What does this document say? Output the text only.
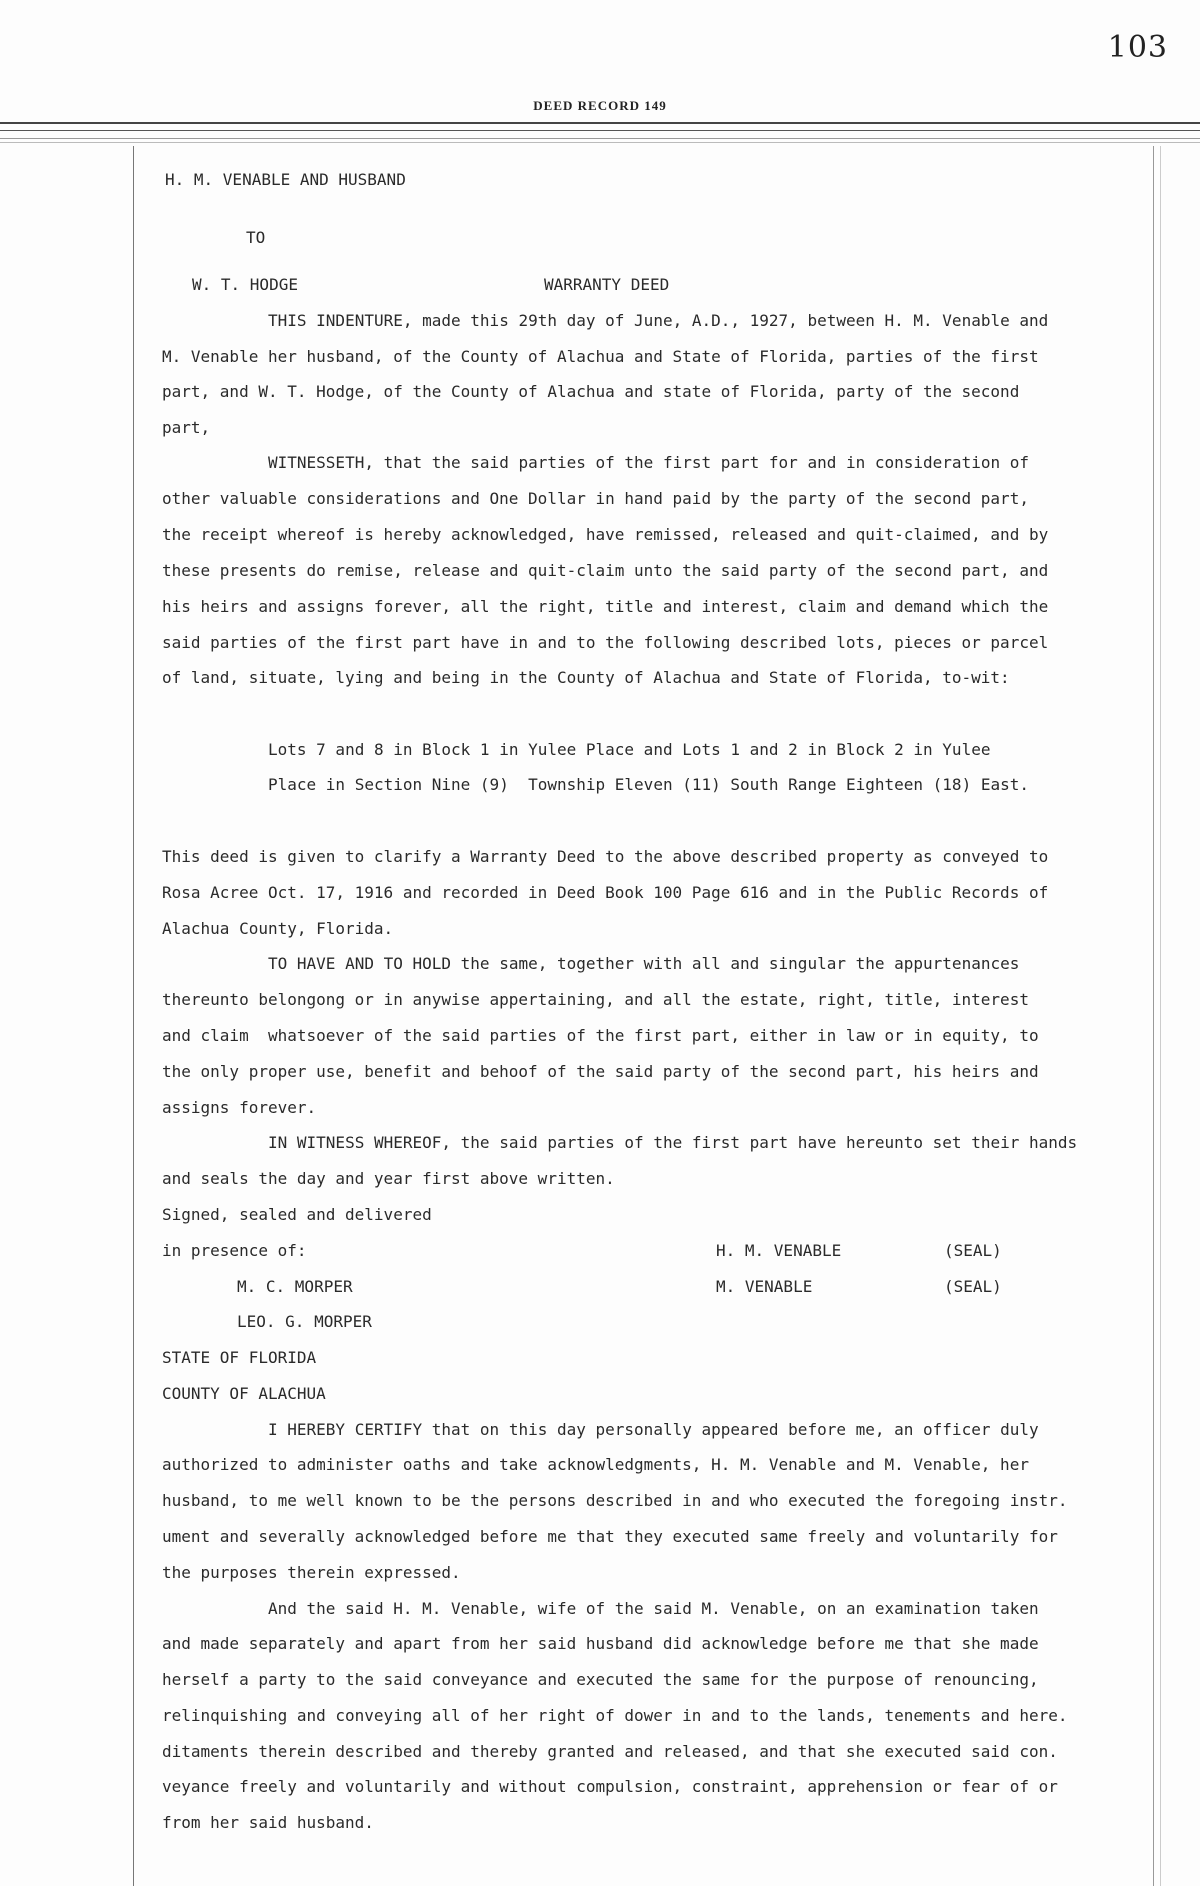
103
DEED RECORD 149
H. M. VENABLE AND HUSBAND
TO
W. T. HODGE	WARRANTY DEED
THIS INDENTURE, made this 29th day of June, A.D., 1927, between H. M. Venable and
M. Venable her husband, of the County of Alachua and State of Florida, parties of the first
part, and W. T. Hodge, of the County of Alachua and state of Florida, party of the second
part,
WITNESSETH, that the said parties of the first part for and in consideration of
other valuable considerations and One Dollar in hand paid by the party of the second part,
the receipt whereof is hereby acknowledged, have remissed, released and quit-claimed, and by
these presents do remise, release and quit-claim unto the said party of the second part, and
his heirs and assigns forever, all the right, title and interest, claim and demand which the
said parties of the first part have in and to the following described lots, pieces or parcel
of land, situate, lying and being in the County of Alachua and State of Florida, to-wit:
Lots 7 and 8 in Block 1 in Yulee Place and Lots 1 and 2 in Block 2 in Yulee
Place in Section Nine (9)  Township Eleven (11) South Range Eighteen (18) East.
This deed is given to clarify a Warranty Deed to the above described property as conveyed to
Rosa Acree Oct. 17, 1916 and recorded in Deed Book 100 Page 616 and in the Public Records of
Alachua County, Florida.
TO HAVE AND TO HOLD the same, together with all and singular the appurtenances
thereunto belongong or in anywise appertaining, and all the estate, right, title, interest
and claim  whatsoever of the said parties of the first part, either in law or in equity, to
the only proper use, benefit and behoof of the said party of the second part, his heirs and
assigns forever.
IN WITNESS WHEREOF, the said parties of the first part have hereunto set their hands
and seals the day and year first above written.
Signed, sealed and delivered
in presence of:	H. M. VENABLE	(SEAL)
M. C. MORPER	M. VENABLE	(SEAL)
LEO. G. MORPER
STATE OF FLORIDA
COUNTY OF ALACHUA
I HEREBY CERTIFY that on this day personally appeared before me, an officer duly
authorized to administer oaths and take acknowledgments, H. M. Venable and M. Venable, her
husband, to me well known to be the persons described in and who executed the foregoing instr.
ument and severally acknowledged before me that they executed same freely and voluntarily for
the purposes therein expressed.
And the said H. M. Venable, wife of the said M. Venable, on an examination taken
and made separately and apart from her said husband did acknowledge before me that she made
herself a party to the said conveyance and executed the same for the purpose of renouncing,
relinquishing and conveying all of her right of dower in and to the lands, tenements and here.
ditaments therein described and thereby granted and released, and that she executed said con.
veyance freely and voluntarily and without compulsion, constraint, apprehension or fear of or
from her said husband.
